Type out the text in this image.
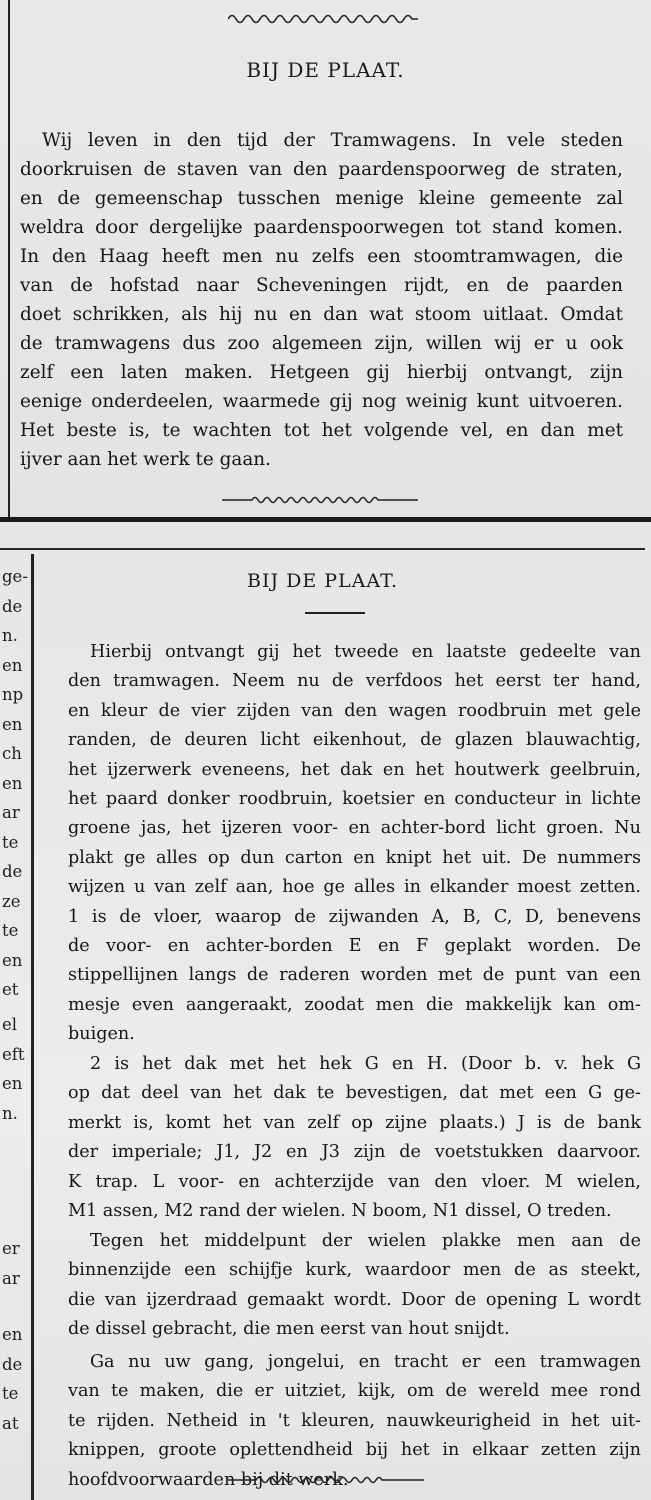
BIJ DE PLAAT.
Wij leven in den tijd der Tramwagens. In vele steden
doorkruisen de staven van den paardenspoorweg de straten,
en de gemeenschap tusschen menige kleine gemeente zal
weldra door dergelijke paardenspoorwegen tot stand komen.
In den Haag heeft men nu zelfs een stoomtramwagen, die
van de hofstad naar Scheveningen rijdt, en de paarden
doet schrikken, als hij nu en dan wat stoom uitlaat. Omdat
de tramwagens dus zoo algemeen zijn, willen wij er u ook
zelf een laten maken. Hetgeen gij hierbij ontvangt, zijn
eenige onderdeelen, waarmede gij nog weinig kunt uitvoeren.
Het beste is, te wachten tot het volgende vel, en dan met
ijver aan het werk te gaan.
ge-
de
n.
en
np
en
ch
en
ar
te
de
ze
te
en
et
el
eft
en
n.
er
ar
en
de
te
at
BIJ DE PLAAT.
Hierbij ontvangt gij het tweede en laatste gedeelte van
den tramwagen. Neem nu de verfdoos het eerst ter hand,
en kleur de vier zijden van den wagen roodbruin met gele
randen, de deuren licht eikenhout, de glazen blauwachtig,
het ijzerwerk eveneens, het dak en het houtwerk geelbruin,
het paard donker roodbruin, koetsier en conducteur in lichte
groene jas, het ijzeren voor- en achter-bord licht groen. Nu
plakt ge alles op dun carton en knipt het uit. De nummers
wijzen u van zelf aan, hoe ge alles in elkander moest zetten.
1 is de vloer, waarop de zijwanden A, B, C, D, benevens
de voor- en achter-borden E en F geplakt worden. De
stippellijnen langs de raderen worden met de punt van een
mesje even aangeraakt, zoodat men die makkelijk kan om-
buigen.
2 is het dak met het hek G en H. (Door b. v. hek G
op dat deel van het dak te bevestigen, dat met een G ge-
merkt is, komt het van zelf op zijne plaats.) J is de bank
der imperiale; J1, J2 en J3 zijn de voetstukken daarvoor.
K trap. L voor- en achterzijde van den vloer. M wielen,
M1 assen, M2 rand der wielen. N boom, N1 dissel, O treden.
Tegen het middelpunt der wielen plakke men aan de
binnenzijde een schijfje kurk, waardoor men de as steekt,
die van ijzerdraad gemaakt wordt. Door de opening L wordt
de dissel gebracht, die men eerst van hout snijdt.
Ga nu uw gang, jongelui, en tracht er een tramwagen
van te maken, die er uitziet, kijk, om de wereld mee rond
te rijden. Netheid in 't kleuren, nauwkeurigheid in het uit-
knippen, groote oplettendheid bij het in elkaar zetten zijn
hoofdvoorwaarden bij dit werk.
